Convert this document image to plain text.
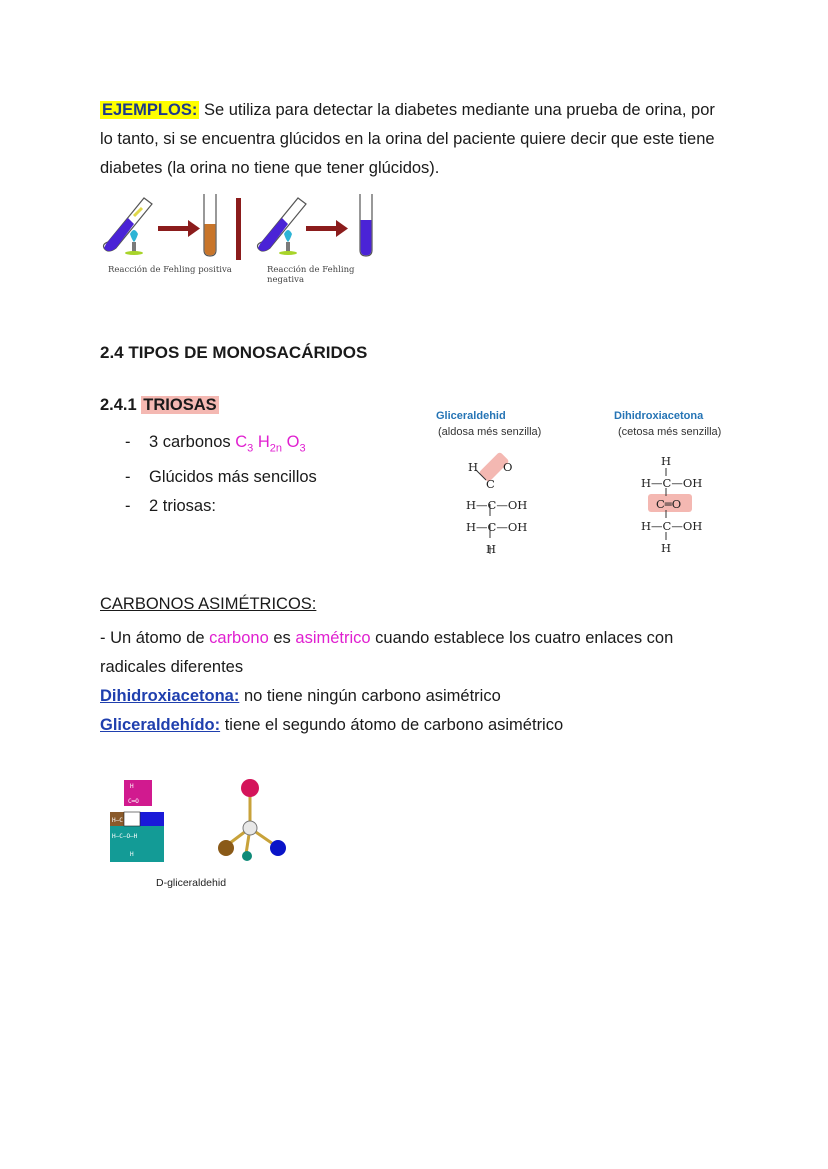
EJEMPLOS: Se utiliza para detectar la diabetes mediante una prueba de orina, por
lo tanto, si se encuentra glúcidos en la orina del paciente quiere decir que este tiene
diabetes (la orina no tiene que tener glúcidos).
Reacción de Fehling positiva	Reacción de Fehling negativa
2.4 TIPOS DE MONOSACÁRIDOS
2.4.1 TRIOSAS
- 3 carbonos $C_3$ $H_{2n}$ $O_3$
- Glúcidos más sencillos
- 2 triosas:
Gliceraldehid
(aldosa més senzilla)
H O
C
H—C—OH
H—C—OH
H
Dihidroxiacetona
(cetosa més senzilla)
H
H—C—OH
C═O
H—C—OH
H
CARBONOS ASIMÉTRICOS:
- Un átomo de carbono es asimétrico cuando establece los cuatro enlaces con
radicales diferentes
Dihidroxiacetona: no tiene ningún carbono asimétrico
Gliceraldehído: tiene el segundo átomo de carbono asimétrico
H
C═O
H—C
H—C—O—H
H
D-gliceraldehid
